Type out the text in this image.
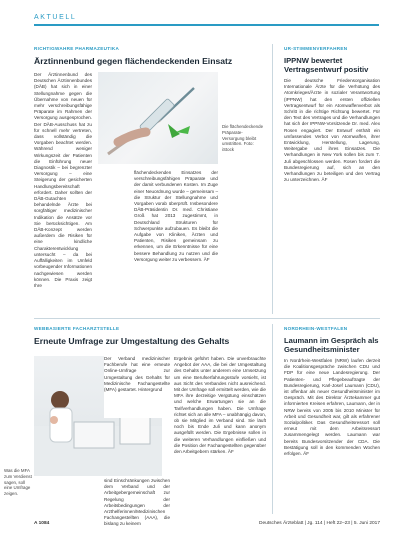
AKTUELL
RICHTIGWAHRE PHARMAZEUTIKA
Ärztinnenbund gegen flächendeckenden Einsatz
Der Ärztinnenbund des Deutschen Ärztinnenbundes (DÄB) hat sich in einer Stellungnahme gegen die Übernahme von neuen für mehr verschreibungsfähige Präparate im Rahmen der Versorgung ausgesprochen. Der DÄB-Ausschuss hat zu für schnell mehr vertreten, dass vollständig die Vorgaben beachtet werden. Während weniger Wirkungszeit der Patienten die Einführung neuer Diagnostik – bei begrenzter Versorgung – eine Steigerung der gesicherten Handlungsbereitschaft erfordert. Daher sollten der DÄB-Gutachten behandelnde Ärzte bei sorgfältiger medizinischer Indikation die Ansätze vor Sie berücksichtigen. Am DÄB-Konzept werden außerdem die Risiken für eine kindliche Charakterentwicklung untersucht – da bei Auffälligkeiten im Umfeld vorbeugender Informationen nachgewiesen werden können. Die Praxis zeigt Ihre
Die flächendeckende Präparate-Versorgung bleibt umstritten. Foto: iStock
flächendeckenden Einsatzes der verschreibungsfähigen Präparate und der damit verbundenen Kosten. Im Zuge einer Neuordnung wurde – gemeinsam – die Struktur der Stellungnahme und Vorgaben vorab überprüft. Insbesondere DÄB-Präsidentin Dr. med. Christiane Groß hat 2013 zugestimmt, in Deutschland Strukturen für Schwerpunkte aufzubauen. Es bleibt die Aufgabe von Kliniken, Ärzten und Patienten, Risiken gemeinsam zu erkennen, um die Erkenntnisse für eine bessere Behandlung zu nutzen und die Versorgung weiter zu verbessern. ÄF
UR-STIMMENVERFAHREN
IPPNW bewertet Vertragsentwurf positiv
Die deutsche Friedensorganisation Internationale Ärzte für die Verhütung des Atomkrieges/Ärzte in sozialer Verantwortung (IPPNW) hat den ersten offiziellen Vertragsentwurf für ein Atomwaffenverbot als Schritt in die richtige Richtung bewertet. Für den Text des Vertrages und die Verhandlungen hat sich der IPPNW-Vorsitzende Dr. med. Alex Rosen engagiert. Der Entwurf enthält ein umfassendes Verbot von Atomwaffen, ihrer Entwicklung, Herstellung, Lagerung, Weitergabe und ihres Einsatzes. Die Verhandlungen in New York sollen bis zum 7. Juli abgeschlossen werden. Rosen fordert die Bundesregierung auf, sich an den Verhandlungen zu beteiligen und den Vertrag zu unterzeichnen. ÄF
WEBBASIERTE FACHARZTSTELLE
Erneute Umfrage zur Umgestaltung des Gehalts
Was die MFA zum Verdienst sagen, soll eine Umfrage zeigen.
Der Verband medizinischer Fachberufe hat eine erneute Online-Umfrage zur Umgestaltung des Gehalts für Medizinische Fachangestellte (MFA) gestartet. Hintergrund
sind Einschränkungen zwischen dem Verband und der Arbeitgebergemeinschaft zur Regelung der Arbeitsbedingungen der Arzthelferinnen/Medizinischen Fachangestellten (AAA), die bislang zu keinem
Ergebnis geführt haben. Die unverbrauchte Angebot der AAA, die bei der Umgestaltung des Gehalts unter anderem eine Umsetzung um eine Berufserfahrungsstufe vorsieht, ist aus Sicht des Verbandes nicht ausreichend. Mit der Umfrage soll ermittelt werden, wie die MFA ihre derzeitige Vergütung einschätzen und welche Erwartungen sie an die Tarifverhandlungen haben. Die Umfrage richtet sich an alle MFA – unabhängig davon, ob sie Mitglied im Verband sind. Sie läuft noch bis Ende Juli und kann anonym ausgefüllt werden. Die Ergebnisse sollen in die weiteren Verhandlungen einfließen und die Position der Fachangestellten gegenüber den Arbeitgebern stärken. ÄF
NORDRHEIN-WESTFALEN
Laumann im Gespräch als Gesundheitsminister
In Nordrhein-Westfalen (NRW) laufen derzeit die Koalitionsgespräche zwischen CDU und FDP für eine neue Landesregierung. Der Patienten- und Pflegebeauftragte der Bundesregierung, Karl-Josef Laumann (CDU), ist offenbar als neuer Gesundheitsminister im Gespräch. Mit des Direktor Ärztekammer gut informierten Kreisen erfahren, Laumann, der in NRW bereits von 2005 bis 2010 Minister für Arbeit und Gesundheit war, gilt als erfahrener Sozialpolitiker. Das Gesundheitsressort soll erneut mit dem Arbeitsressort zusammengelegt werden. Laumann war bereits Bundesvorsitzender der CDA. Die Bestätigung soll in den kommenden Wochen erfolgen. ÄF
A 1084	Deutsches Ärzteblatt | Jg. 114 | Heft 22–23 | 5. Juni 2017
